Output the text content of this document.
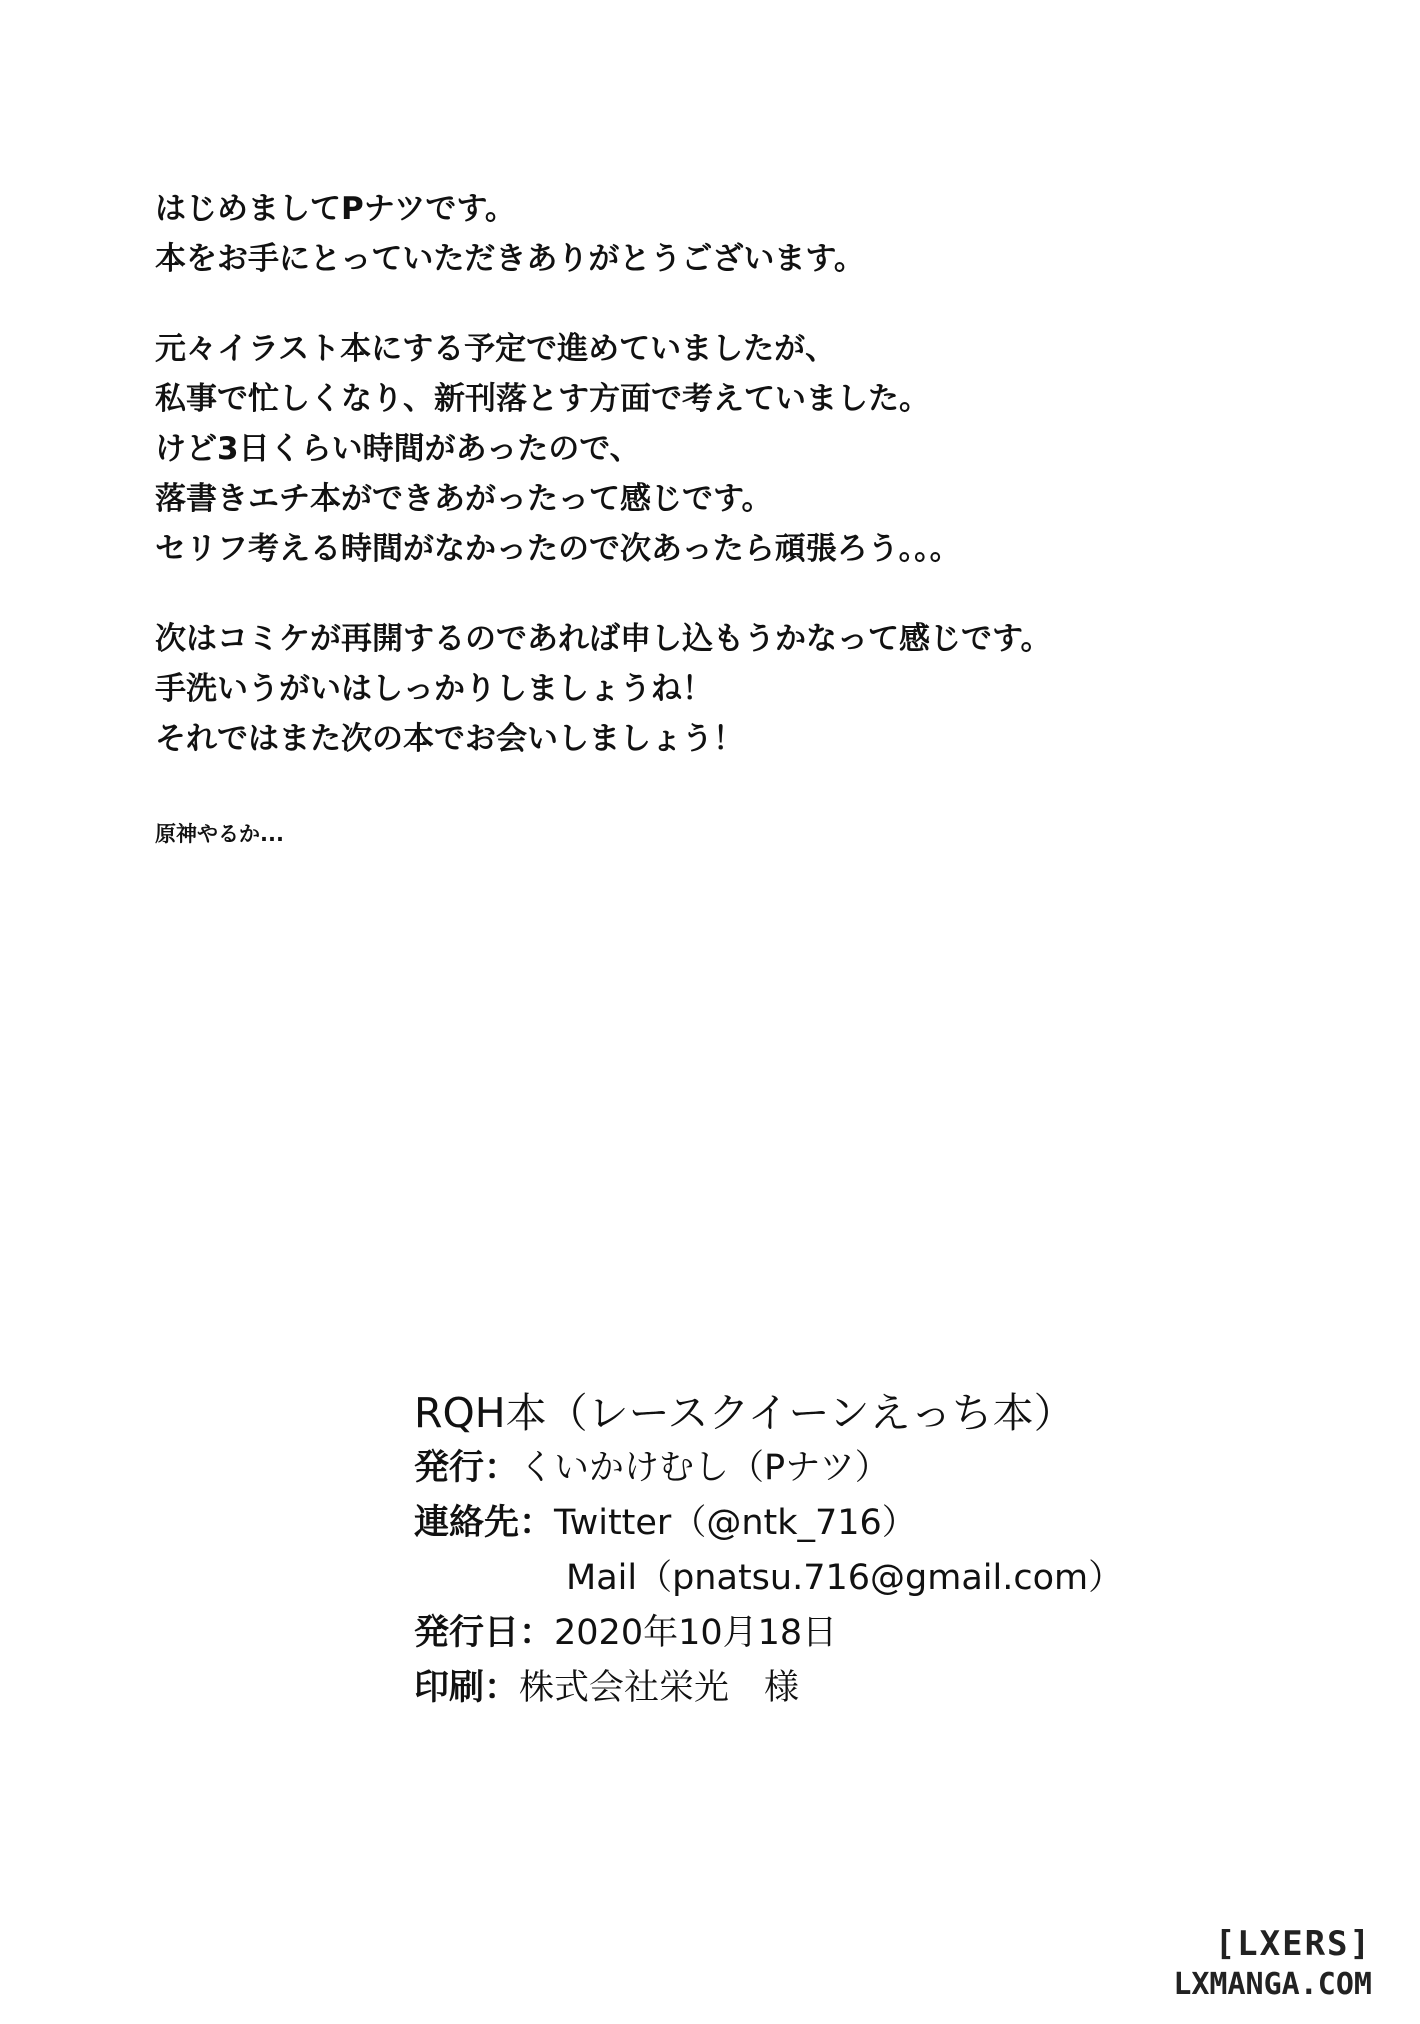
はじめましてPナツです。
本をお手にとっていただきありがとうございます。
元々イラスト本にする予定で進めていましたが、
私事で忙しくなり、新刊落とす方面で考えていました。
けど3日くらい時間があったので、
落書きエチ本ができあがったって感じです。
セリフ考える時間がなかったので次あったら頑張ろう。。。
次はコミケが再開するのであれば申し込もうかなって感じです。
手洗いうがいはしっかりしましょうね！
それではまた次の本でお会いしましょう！
原神やるか...
RQH本（レースクイーンえっち本）
発行： くいかけむし（Pナツ）
連絡先： Twitter（@ntk_716）
Mail（pnatsu.716@gmail.com）
発行日： 2020年10月18日
印刷： 株式会社栄光　様
[LXERS]
LXMANGA.COM
